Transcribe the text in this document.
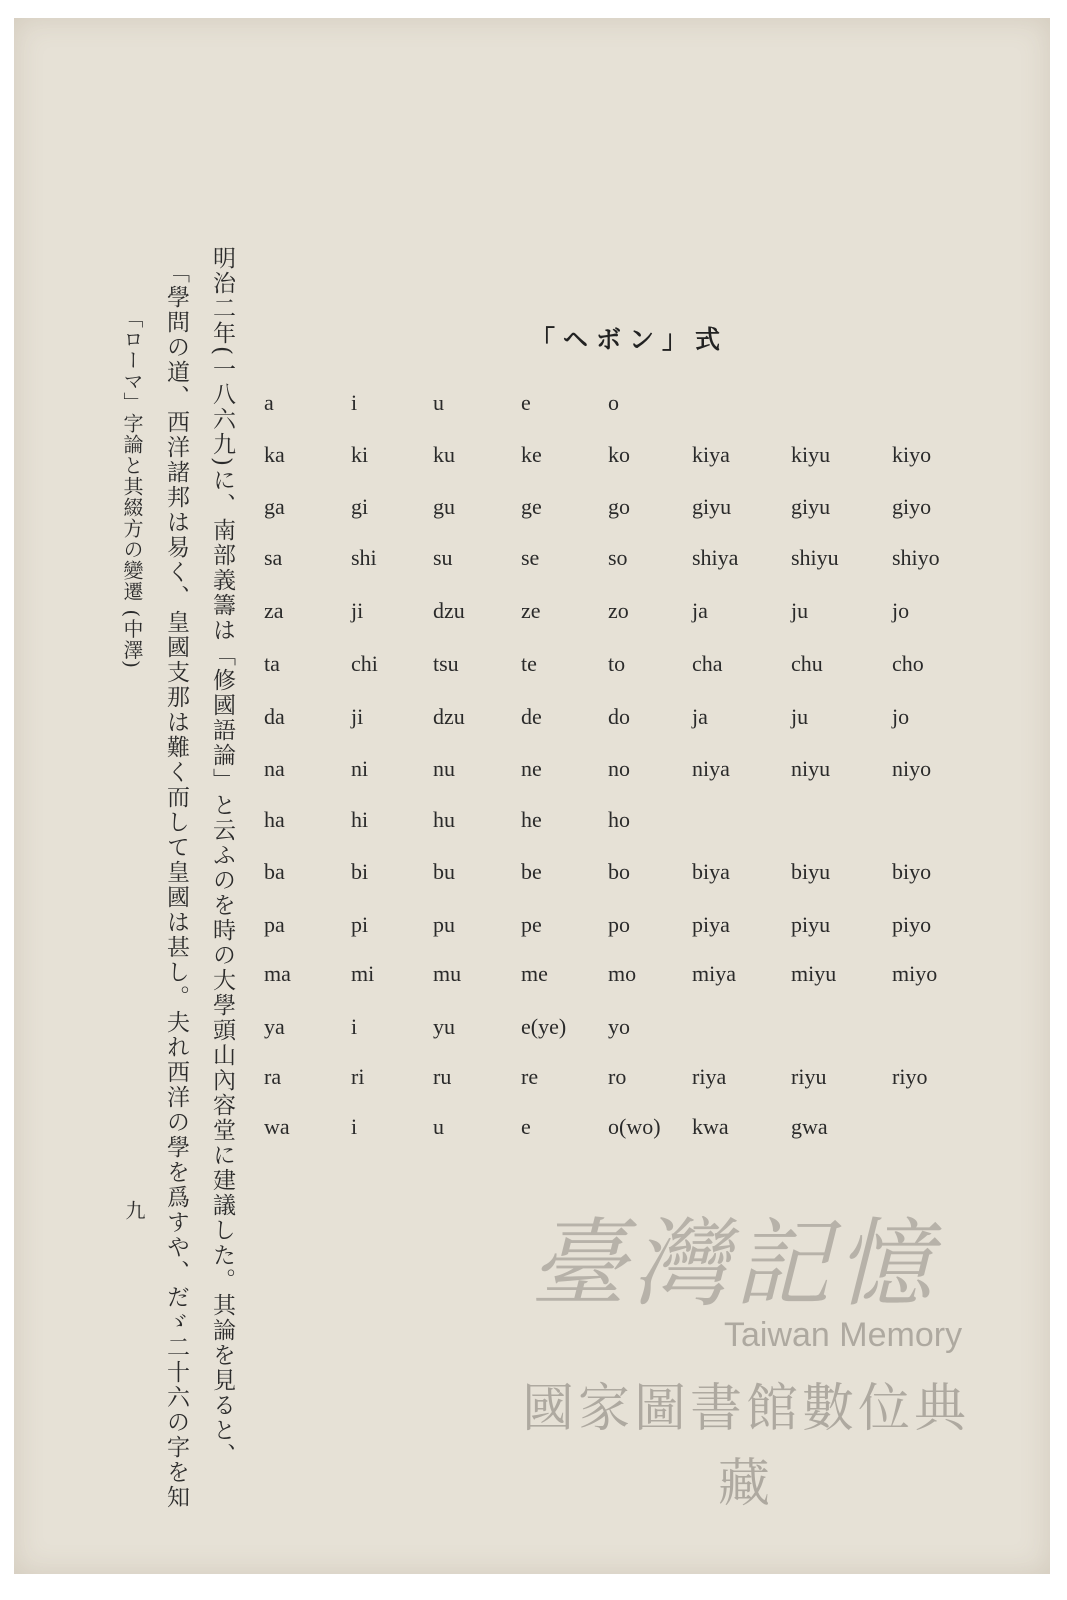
明治二年(一八六九)に、南部義籌は「修國語論」と云ふのを時の大學頭山內容堂に建議した。其論を見ると、
「學問の道、西洋諸邦は易く、皇國支那は難く而して皇國は甚し。夫れ西洋の學を爲すや、だゞ二十六の字を知
「ローマ」字論と其綴方の變遷 (中澤)
九
「ヘボン」式
a	i	u	e	o
ka	ki	ku	ke	ko	kiya	kiyu	kiyo
ga	gi	gu	ge	go	giyu	giyu	giyo
sa	shi	su	se	so	shiya shiyu shiyo
za	ji	dzu	ze	zo	ja	ju	jo
ta	chi	tsu	te	to	cha	chu	cho
da	ji	dzu	de	do	ja	ju	jo
na	ni	nu	ne	no	niya	niyu	niyo
ha	hi	hu	he	ho
ba	bi	bu	be	bo	biya	biyu	biyo
pa	pi	pu	pe	po	piya	piyu	piyo
ma	mi	mu	me	mo	miya	miyu	miyo
ya	i	yu	e(ye) yo
ra	ri	ru	re	ro	riya	riyu	riyo
wa	i	u	e	o(wo) kwa	gwa
臺灣記憶
Taiwan Memory
國家圖書館數位典藏
